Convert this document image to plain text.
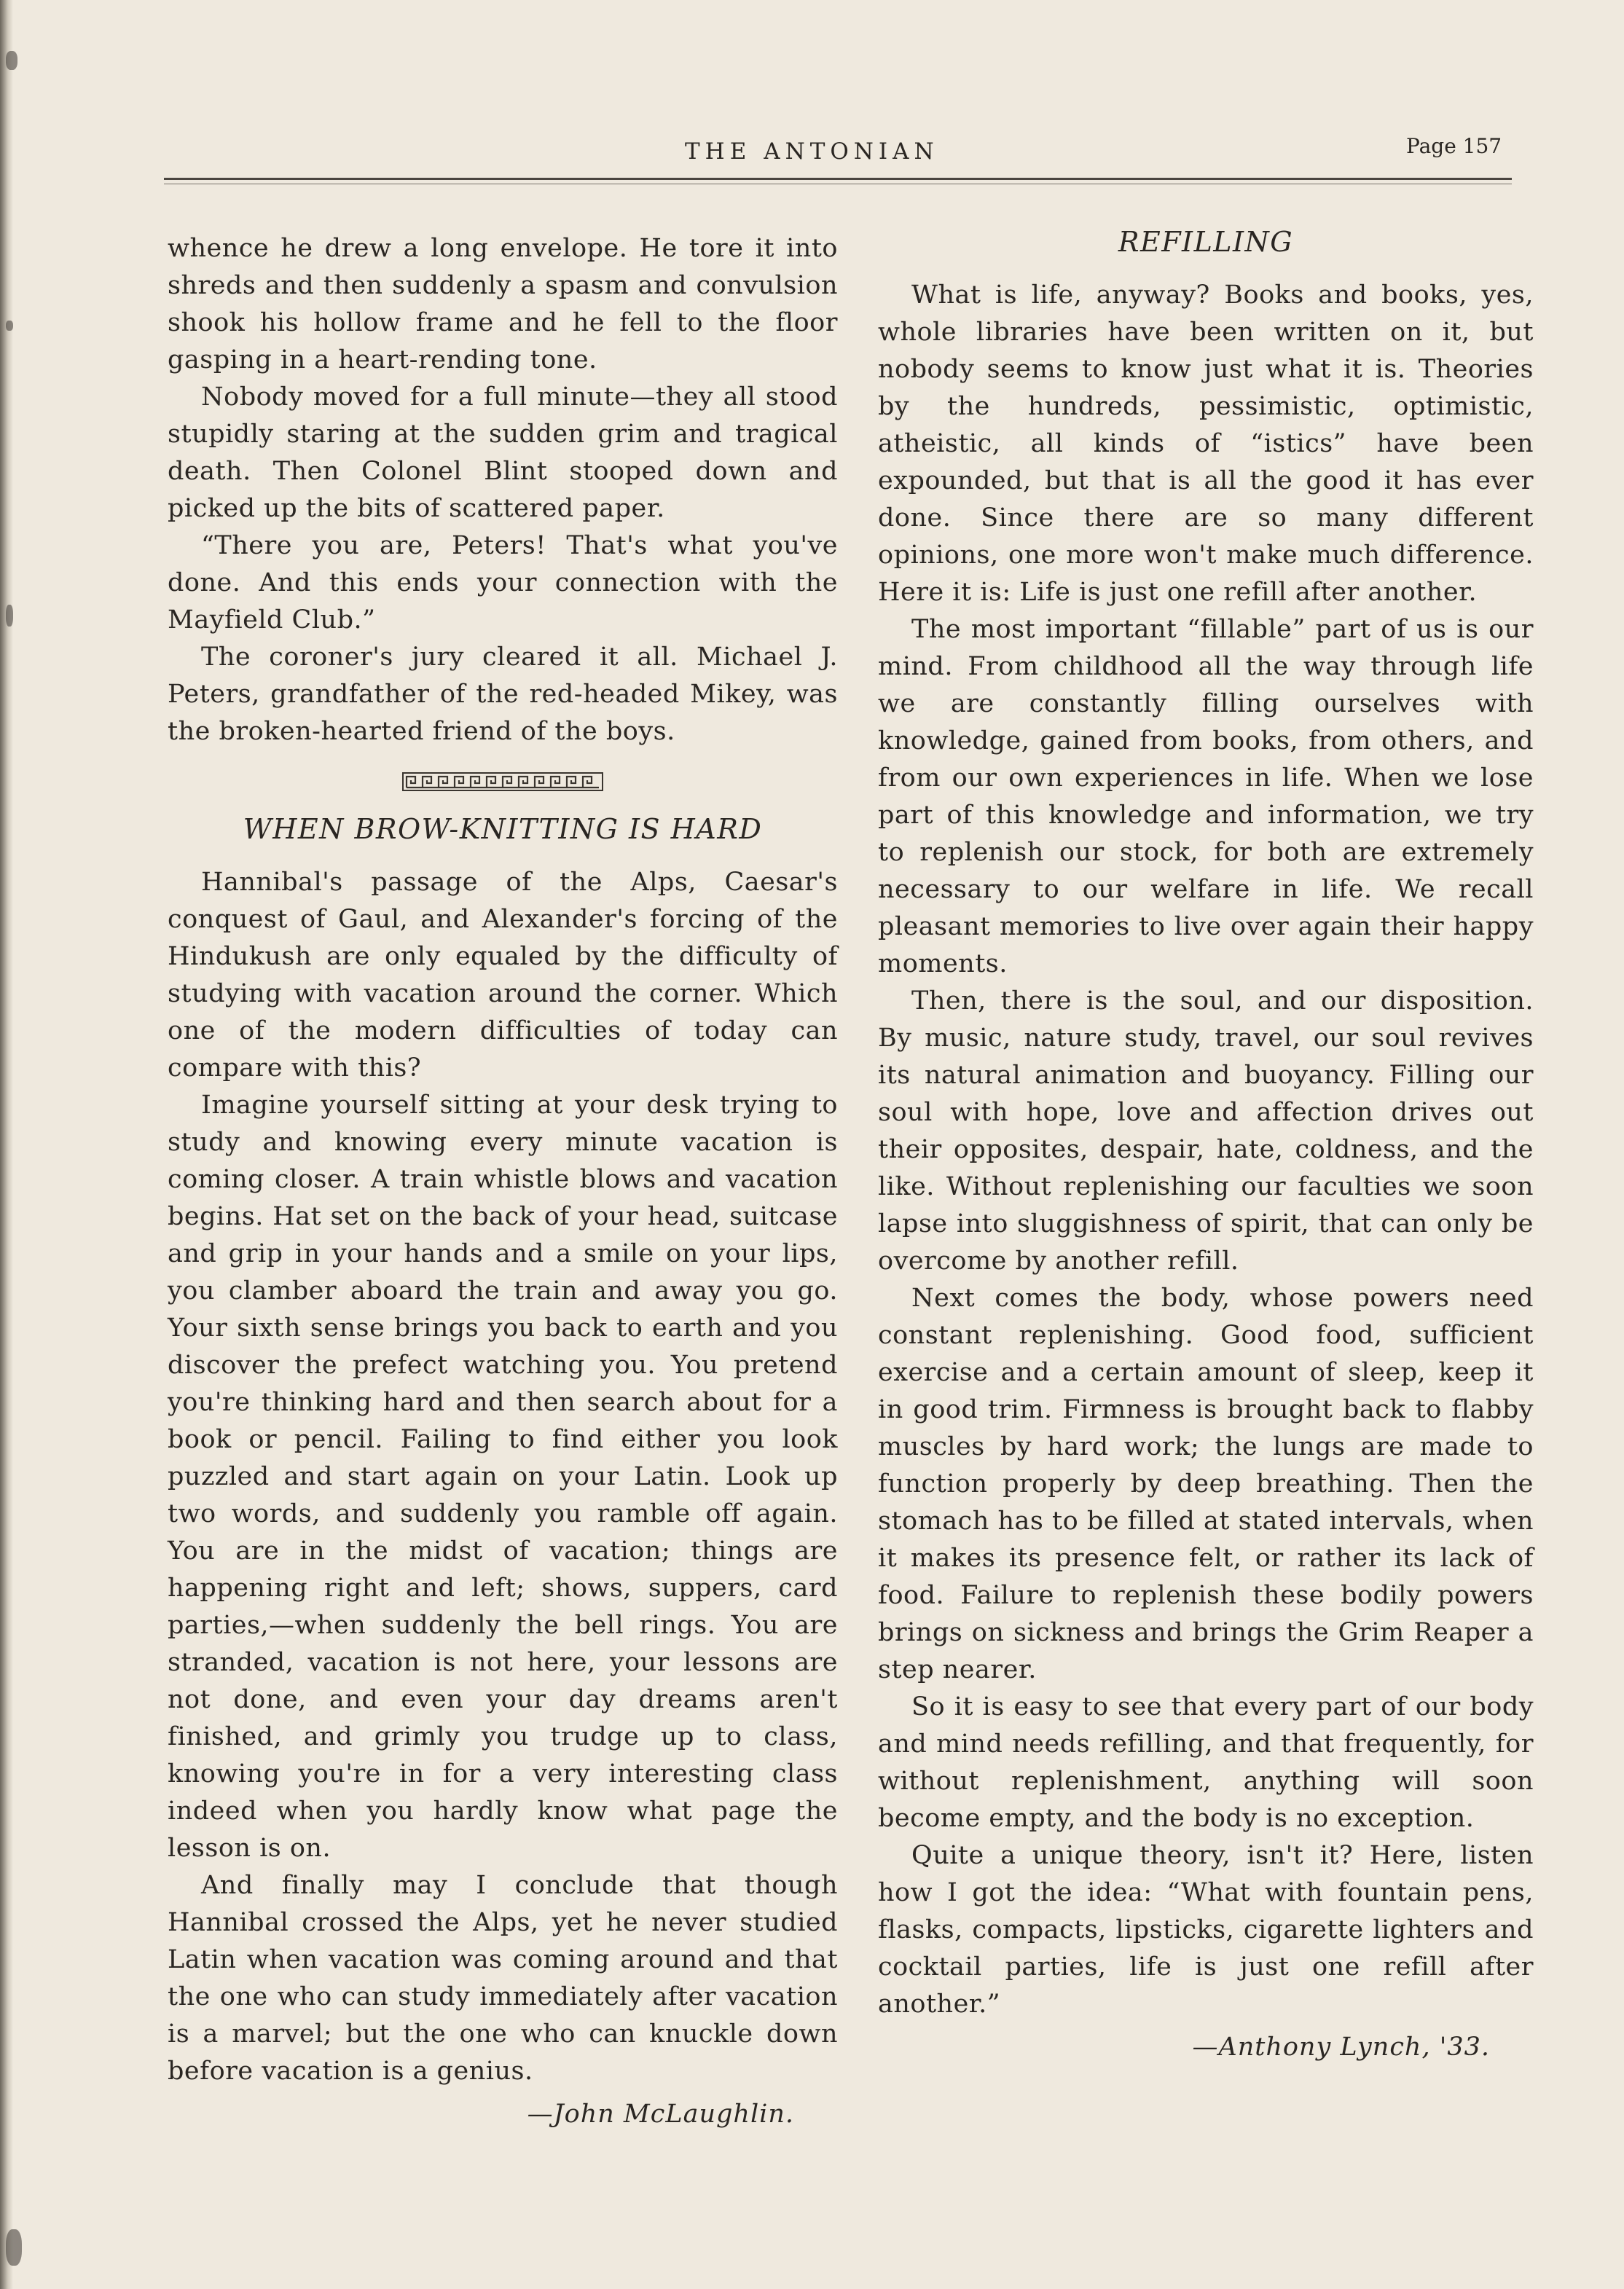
THE ANTONIAN	Page 157

whence he drew a long envelope. He tore it into shreds and then suddenly a spasm and convulsion shook his hollow frame and he fell to the floor gasping in a heart-rending tone.

Nobody moved for a full minute—they all stood stupidly staring at the sudden grim and tragical death. Then Colonel Blint stooped down and picked up the bits of scattered paper.

“There you are, Peters! That's what you've done. And this ends your connection with the Mayfield Club.”

The coroner's jury cleared it all. Michael J. Peters, grandfather of the red-headed Mikey, was the broken-hearted friend of the boys.

WHEN BROW-KNITTING IS HARD

Hannibal's passage of the Alps, Caesar's conquest of Gaul, and Alexander's forcing of the Hindukush are only equaled by the difficulty of studying with vacation around the corner. Which one of the modern difficulties of today can compare with this?

Imagine yourself sitting at your desk trying to study and knowing every minute vacation is coming closer. A train whistle blows and vacation begins. Hat set on the back of your head, suitcase and grip in your hands and a smile on your lips, you clamber aboard the train and away you go. Your sixth sense brings you back to earth and you discover the prefect watching you. You pretend you're thinking hard and then search about for a book or pencil. Failing to find either you look puzzled and start again on your Latin. Look up two words, and suddenly you ramble off again. You are in the midst of vacation; things are happening right and left; shows, suppers, card parties,—when suddenly the bell rings. You are stranded, vacation is not here, your lessons are not done, and even your day dreams aren't finished, and grimly you trudge up to class, knowing you're in for a very interesting class indeed when you hardly know what page the lesson is on.

And finally may I conclude that though Hannibal crossed the Alps, yet he never studied Latin when vacation was coming around and that the one who can study immediately after vacation is a marvel; but the one who can knuckle down before vacation is a genius.

—John McLaughlin.
REFILLING

What is life, anyway? Books and books, yes, whole libraries have been written on it, but nobody seems to know just what it is. Theories by the hundreds, pessimistic, optimistic, atheistic, all kinds of “istics” have been expounded, but that is all the good it has ever done. Since there are so many different opinions, one more won't make much difference. Here it is: Life is just one refill after another.

The most important “fillable” part of us is our mind. From childhood all the way through life we are constantly filling ourselves with knowledge, gained from books, from others, and from our own experiences in life. When we lose part of this knowledge and information, we try to replenish our stock, for both are extremely necessary to our welfare in life. We recall pleasant memories to live over again their happy moments.

Then, there is the soul, and our disposition. By music, nature study, travel, our soul revives its natural animation and buoyancy. Filling our soul with hope, love and affection drives out their opposites, despair, hate, coldness, and the like. Without replenishing our faculties we soon lapse into sluggishness of spirit, that can only be overcome by another refill.

Next comes the body, whose powers need constant replenishing. Good food, sufficient exercise and a certain amount of sleep, keep it in good trim. Firmness is brought back to flabby muscles by hard work; the lungs are made to function properly by deep breathing. Then the stomach has to be filled at stated intervals, when it makes its presence felt, or rather its lack of food. Failure to replenish these bodily powers brings on sickness and brings the Grim Reaper a step nearer.

So it is easy to see that every part of our body and mind needs refilling, and that frequently, for without replenishment, anything will soon become empty, and the body is no exception.

Quite a unique theory, isn't it? Here, listen how I got the idea: “What with fountain pens, flasks, compacts, lipsticks, cigarette lighters and cocktail parties, life is just one refill after another.”

—Anthony Lynch, '33.
